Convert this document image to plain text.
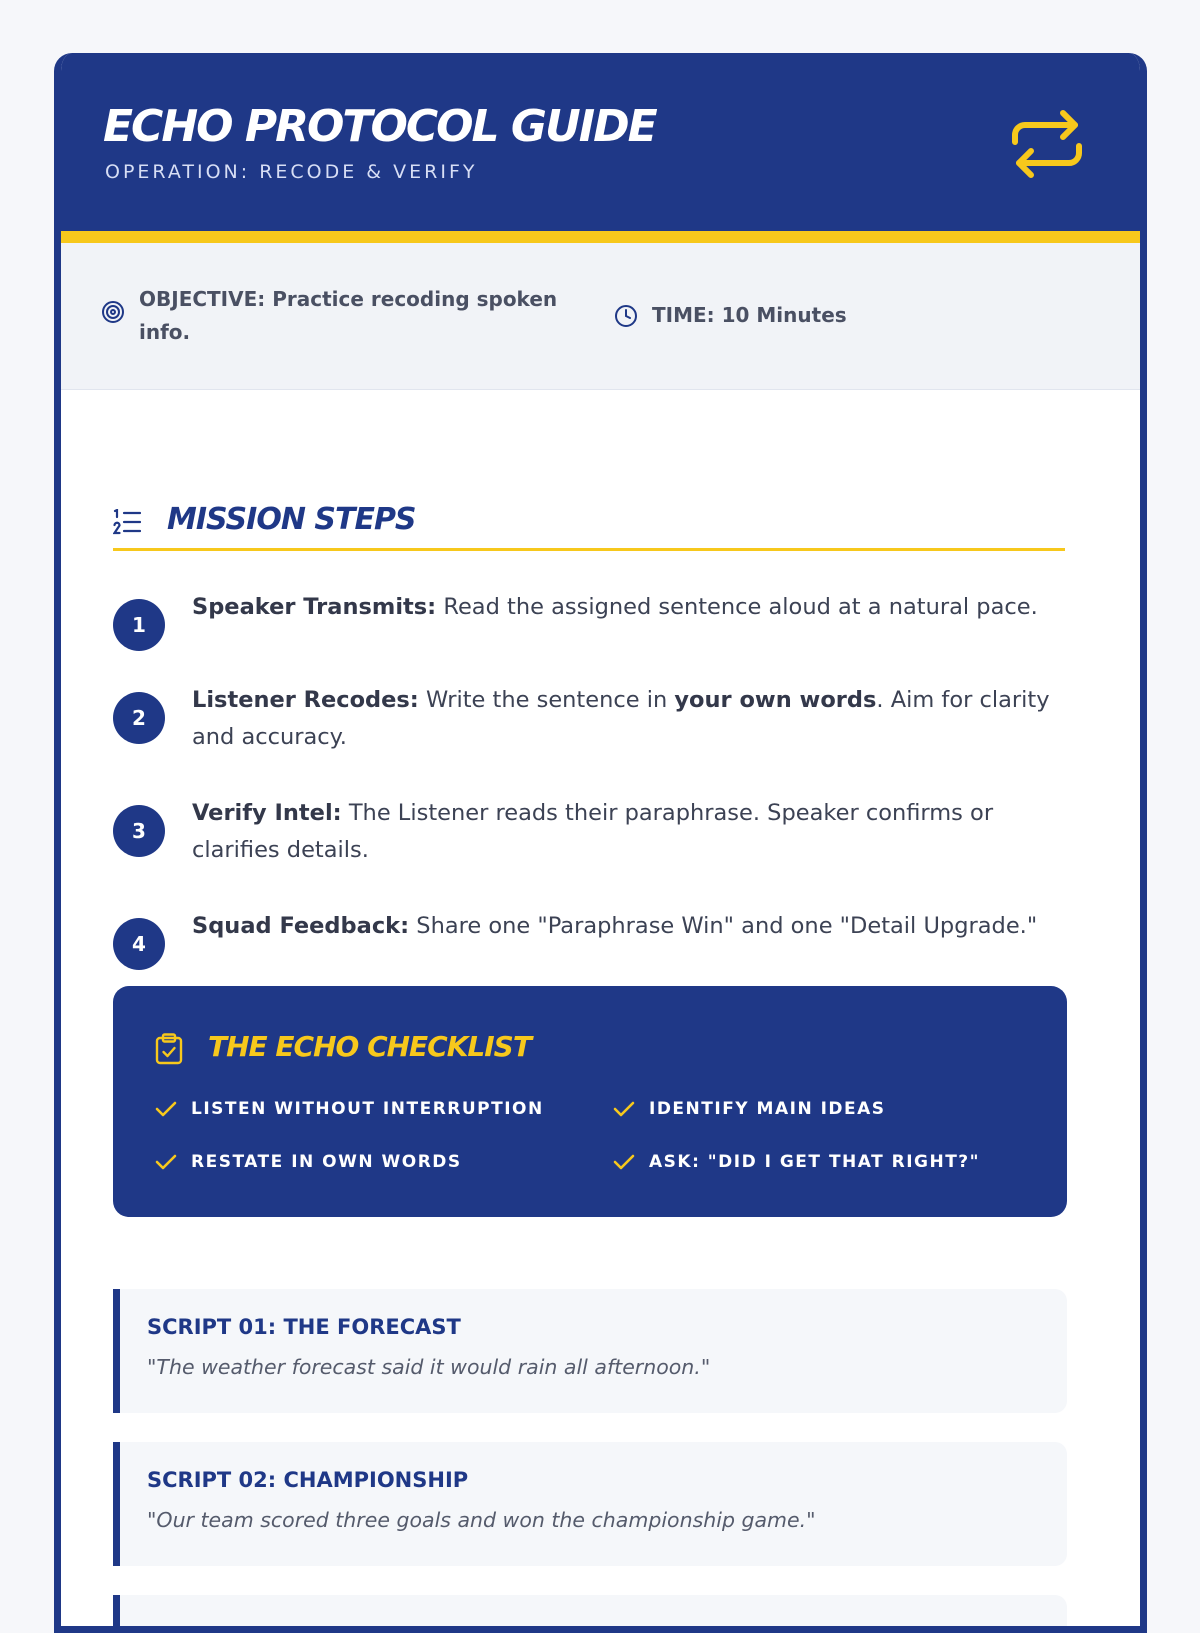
ECHO PROTOCOL GUIDE
OPERATION: RECODE & VERIFY
OBJECTIVE: Practice recoding spoken info.
TIME: 10 Minutes
MISSION STEPS
1
Speaker Transmits: Read the assigned sentence aloud at a natural pace.
2
Listener Recodes: Write the sentence in your own words. Aim for clarity and accuracy.
3
Verify Intel: The Listener reads their paraphrase. Speaker confirms or clarifies details.
4
Squad Feedback: Share one "Paraphrase Win" and one "Detail Upgrade."
THE ECHO CHECKLIST
LISTEN WITHOUT INTERRUPTION	IDENTIFY MAIN IDEAS
RESTATE IN OWN WORDS	ASK: "DID I GET THAT RIGHT?"
SCRIPT 01: THE FORECAST
"The weather forecast said it would rain all afternoon."
SCRIPT 02: CHAMPIONSHIP
"Our team scored three goals and won the championship game."
